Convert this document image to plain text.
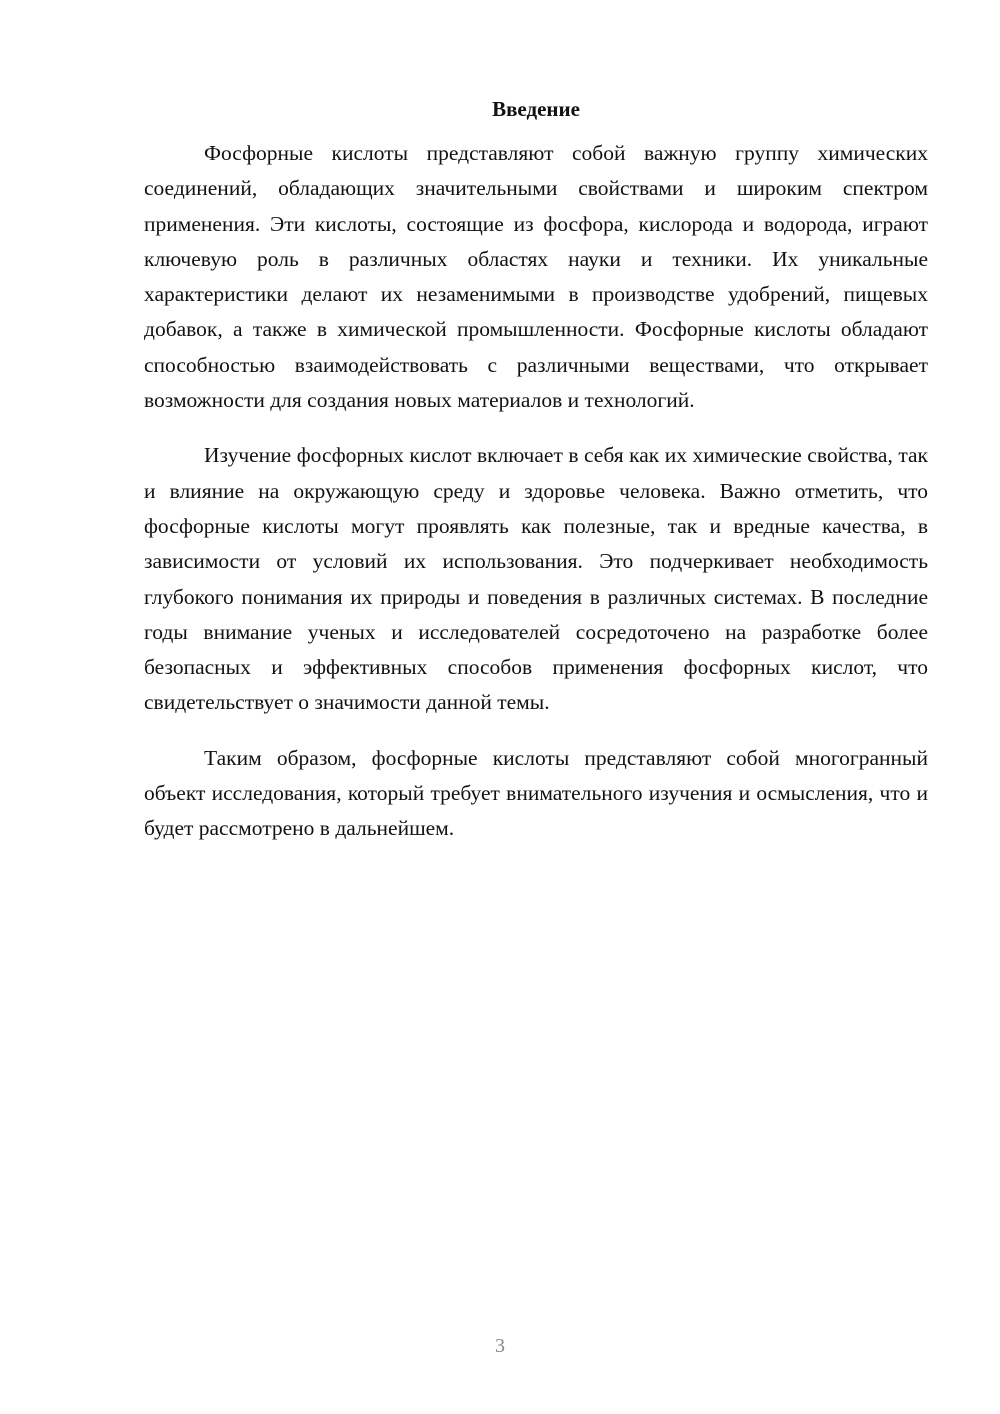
Введение

Фосфорные кислоты представляют собой важную группу химических соединений, обладающих значительными свойствами и широким спектром применения. Эти кислоты, состоящие из фосфора, кислорода и водорода, играют ключевую роль в различных областях науки и техники. Их уникальные характеристики делают их незаменимыми в производстве удобрений, пищевых добавок, а также в химической промышленности. Фосфорные кислоты обладают способностью взаимодействовать с различными веществами, что открывает возможности для создания новых материалов и технологий.

Изучение фосфорных кислот включает в себя как их химические свойства, так и влияние на окружающую среду и здоровье человека. Важно отметить, что фосфорные кислоты могут проявлять как полезные, так и вредные качества, в зависимости от условий их использования. Это подчеркивает необходимость глубокого понимания их природы и поведения в различных системах. В последние годы внимание ученых и исследователей сосредоточено на разработке более безопасных и эффективных способов применения фосфорных кислот, что свидетельствует о значимости данной темы.

Таким образом, фосфорные кислоты представляют собой многогранный объект исследования, который требует внимательного изучения и осмысления, что и будет рассмотрено в дальнейшем.

3
